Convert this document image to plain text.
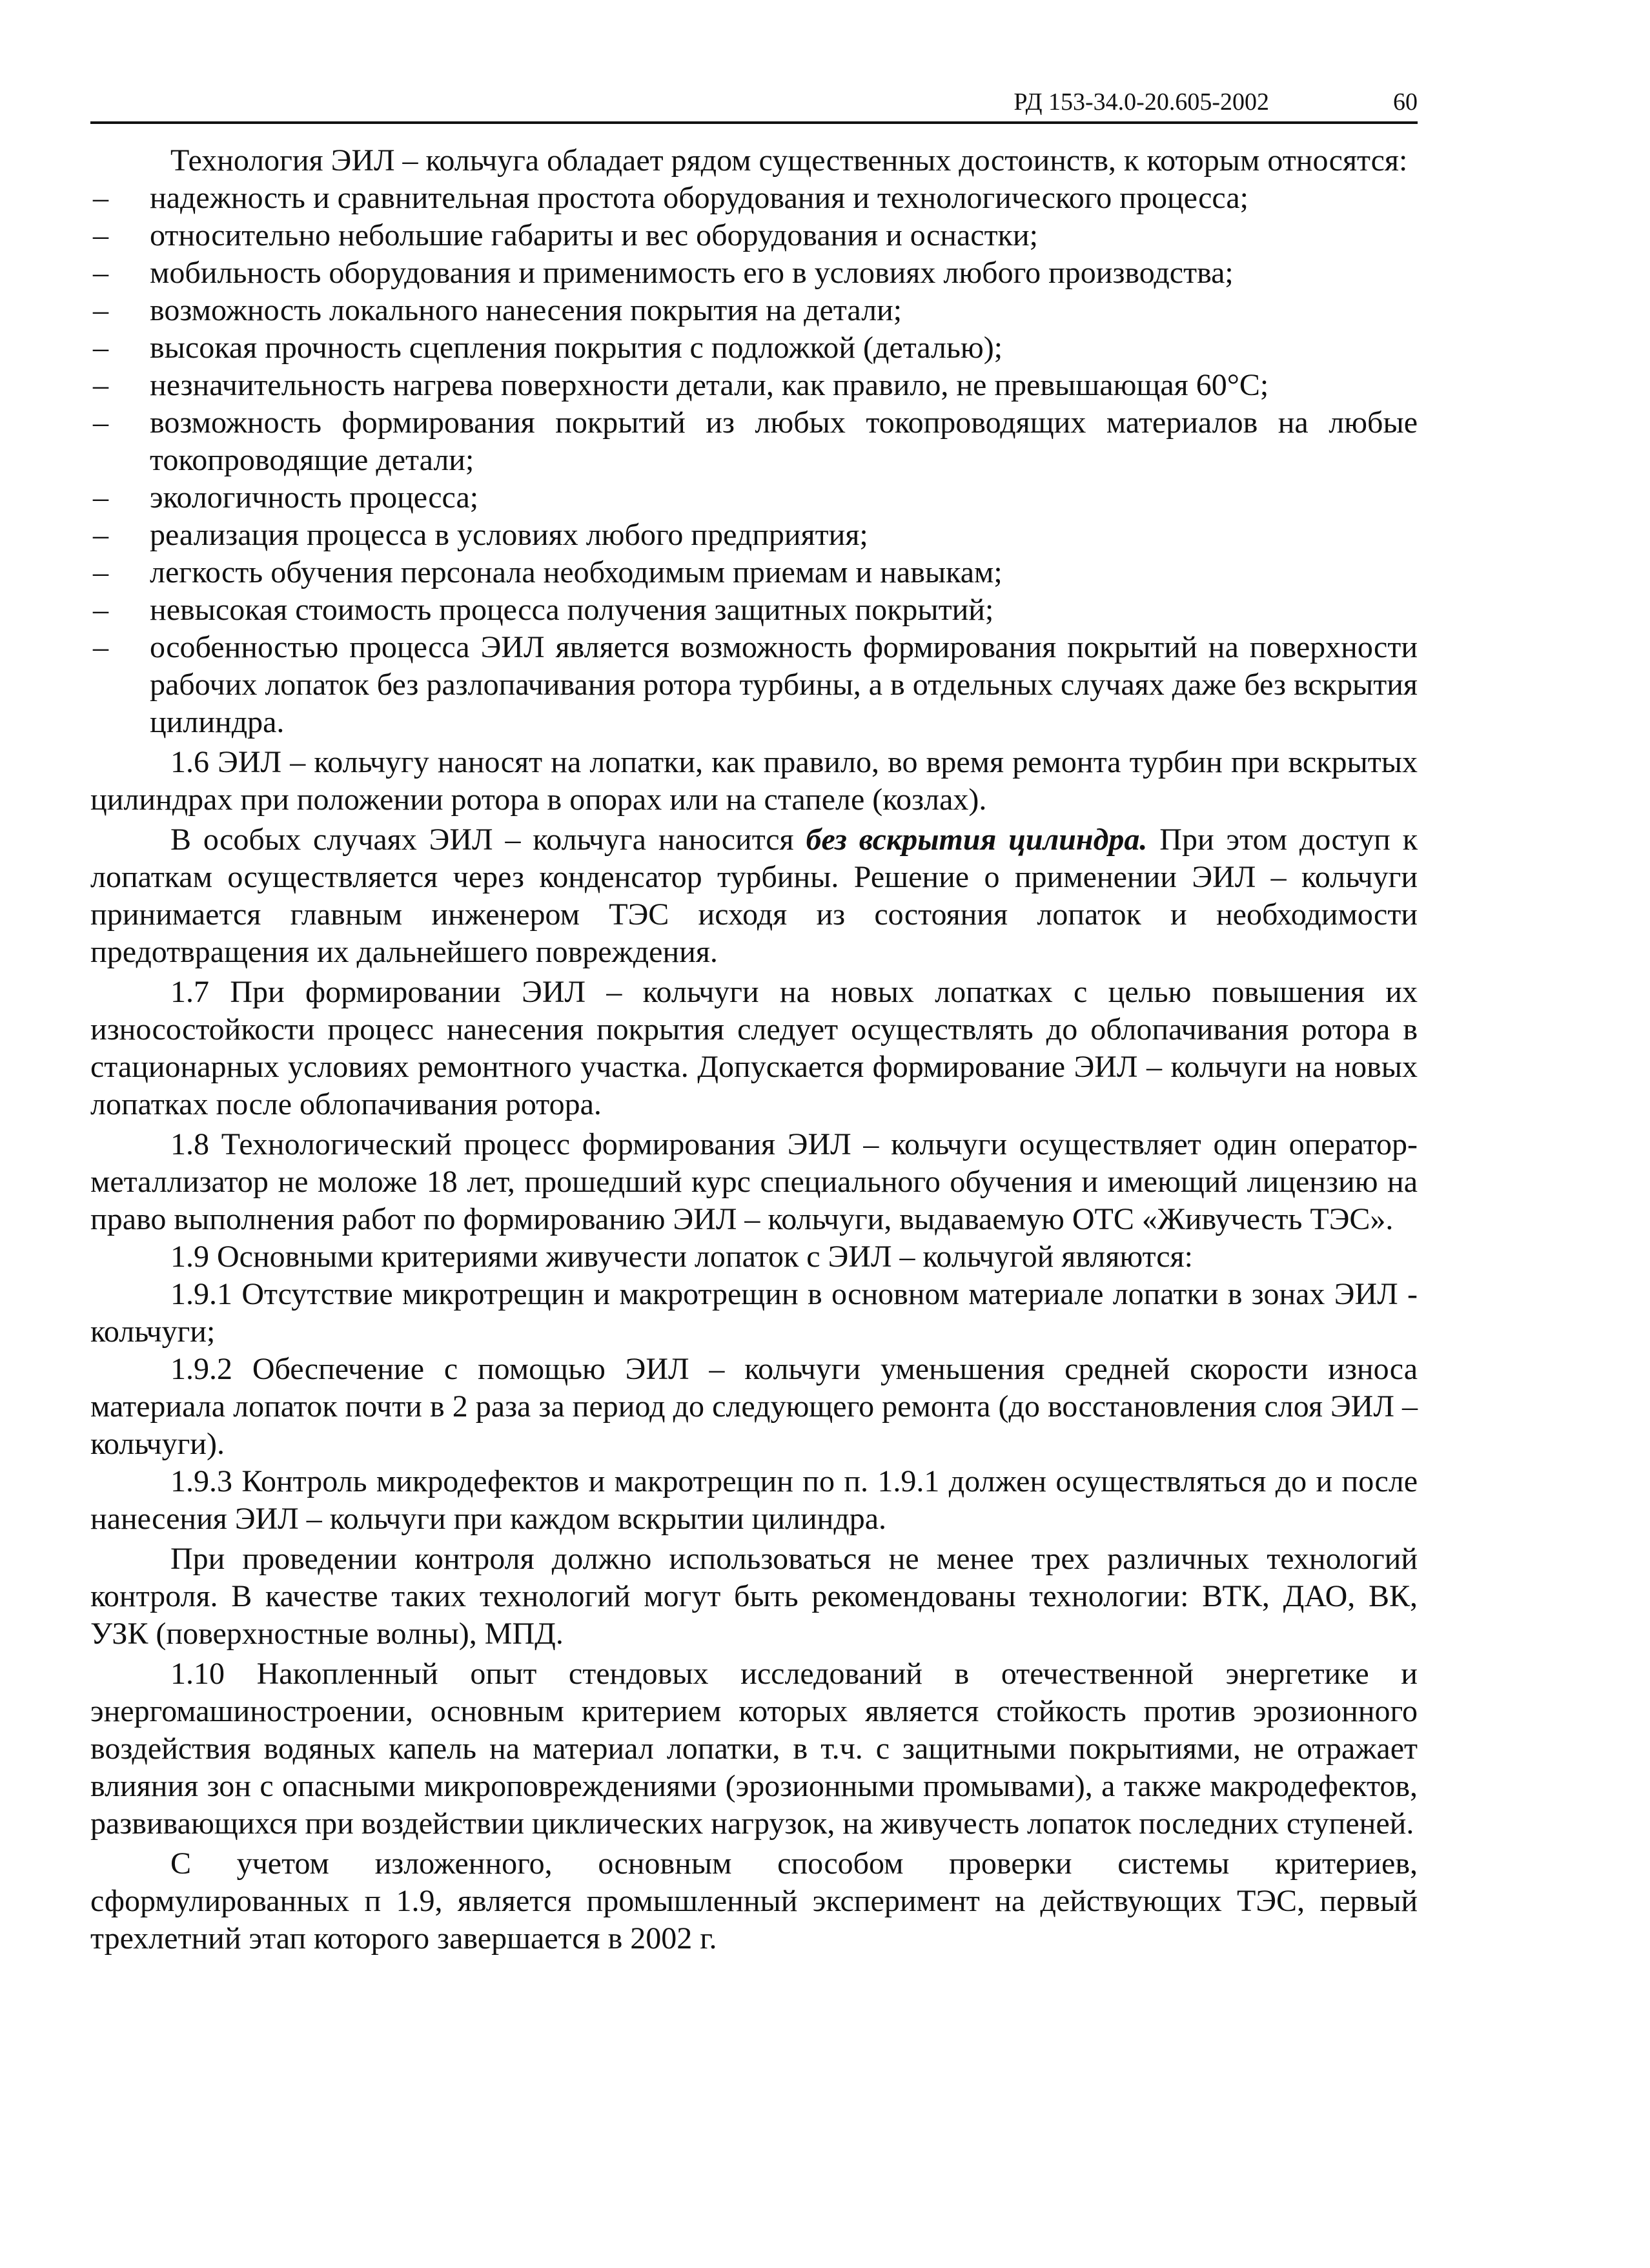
РД 153-34.0-20.605-2002	60

Технология ЭИЛ – кольчуга обладает рядом существенных достоинств, к которым относятся:

– надежность и сравнительная простота оборудования и технологического процесса;
– относительно небольшие габариты и вес оборудования и оснастки;
– мобильность оборудования и применимость его в условиях любого производства;
– возможность локального нанесения покрытия на детали;
– высокая прочность сцепления покрытия с подложкой (деталью);
– незначительность нагрева поверхности детали, как правило, не превышающая 60°С;
– возможность формирования покрытий из любых токопроводящих материалов на любые токопроводящие детали;
– экологичность процесса;
– реализация процесса в условиях любого предприятия;
– легкость обучения персонала необходимым приемам и навыкам;
– невысокая стоимость процесса получения защитных покрытий;
– особенностью процесса ЭИЛ является возможность формирования покрытий на поверхности рабочих лопаток без разлопачивания ротора турбины, а в отдельных случаях даже без вскрытия цилиндра.

1.6 ЭИЛ – кольчугу наносят на лопатки, как правило, во время ремонта турбин при вскрытых цилиндрах при положении ротора в опорах или на стапеле (козлах).

В особых случаях ЭИЛ – кольчуга наносится без вскрытия цилиндра. При этом доступ к лопаткам осуществляется через конденсатор турбины. Решение о применении ЭИЛ – кольчуги принимается главным инженером ТЭС исходя из состояния лопаток и необходимости предотвращения их дальнейшего повреждения.

1.7 При формировании ЭИЛ – кольчуги на новых лопатках с целью повышения их износостойкости процесс нанесения покрытия следует осуществлять до облопачивания ротора в стационарных условиях ремонтного участка. Допускается формирование ЭИЛ – кольчуги на новых лопатках после облопачивания ротора.

1.8 Технологический процесс формирования ЭИЛ – кольчуги осуществляет один оператор-металлизатор не моложе 18 лет, прошедший курс специального обучения и имеющий лицензию на право выполнения работ по формированию ЭИЛ – кольчуги, выдаваемую ОТС «Живучесть ТЭС».

1.9 Основными критериями живучести лопаток с ЭИЛ – кольчугой являются:

1.9.1 Отсутствие микротрещин и макротрещин в основном материале лопатки в зонах ЭИЛ - кольчуги;

1.9.2 Обеспечение с помощью ЭИЛ – кольчуги уменьшения средней скорости износа материала лопаток почти в 2 раза за период до следующего ремонта (до восстановления слоя ЭИЛ – кольчуги).

1.9.3 Контроль микродефектов и макротрещин по п. 1.9.1 должен осуществляться до и после нанесения ЭИЛ – кольчуги при каждом вскрытии цилиндра.

При проведении контроля должно использоваться не менее трех различных технологий контроля. В качестве таких технологий могут быть рекомендованы технологии: ВТК, ДАО, ВК, УЗК (поверхностные волны), МПД.

1.10 Накопленный опыт стендовых исследований в отечественной энергетике и энергомашиностроении, основным критерием которых является стойкость против эрозионного воздействия водяных капель на материал лопатки, в т.ч. с защитными покрытиями, не отражает влияния зон с опасными микроповреждениями (эрозионными промывами), а также макродефектов, развивающихся при воздействии циклических нагрузок, на живучесть лопаток последних ступеней.

С учетом изложенного, основным способом проверки системы критериев, сформулированных п 1.9, является промышленный эксперимент на действующих ТЭС, первый трехлетний этап которого завершается в 2002 г.
